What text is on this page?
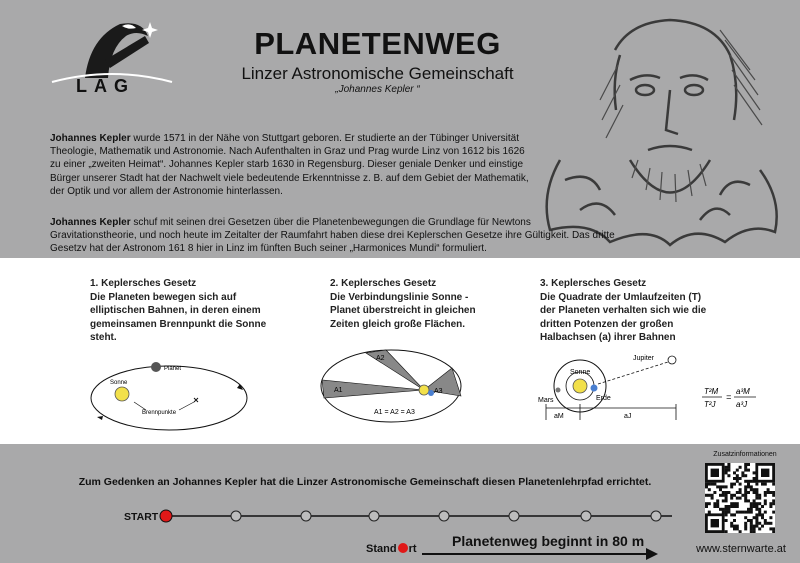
LAG
PLANETENWEG
Linzer Astronomische Gemeinschaft
„Johannes Kepler “

Johannes Kepler wurde 1571 in der Nähe von Stuttgart geboren. Er studierte an der Tübinger Universität Theologie, Mathematik und Astronomie. Nach Aufenthalten in Graz und Prag wurde Linz von 1612 bis 1626 zu einer „zweiten Heimat“. Johannes Kepler starb 1630 in Regensburg. Dieser geniale Denker und einstige Bürger unserer Stadt hat der Nachwelt viele bedeutende Erkenntnisse z. B. auf dem Gebiet der Mathematik, der Optik und vor allem der Astronomie hinterlassen.

Johannes Kepler schuf mit seinen drei Gesetzen über die Planetenbewegungen die Grundlage für Newtons Gravitationstheorie, und noch heute im Zeitalter der Raumfahrt haben diese drei Keplerschen Gesetze ihre Gültigkeit. Das dritte Gesetzv hat der Astronom 161 8 hier in Linz im fünften Buch seiner „Harmonices Mundi“ formuliert.

1. Keplersches Gesetz
Die Planeten bewegen sich auf elliptischen Bahnen, in deren einem gemeinsamen Brennpunkt die Sonne steht.
2. Keplersches Gesetz
Die Verbindungslinie Sonne - Planet überstreicht in gleichen Zeiten gleich große Flächen.
3. Keplersches Gesetz
Die Quadrate der Umlaufzeiten (T) der Planeten verhalten sich wie die dritten Potenzen der großen Halbachsen (a) ihrer Bahnen
Sonne
Planet
Brennpunkte
A1
A2
A3
A1 = A2 = A3
Jupiter
Sonne
Mars	Erde
aM	aJ
T²M
T²J
=
a³M
a³J
Zum Gedenken an Johannes Kepler hat die Linzer Astronomische Gemeinschaft diesen Planetenlehrpfad errichtet.
START
Stand rt	Planetenweg beginnt in 80 m
Zusatzinformationen
www.sternwarte.at
